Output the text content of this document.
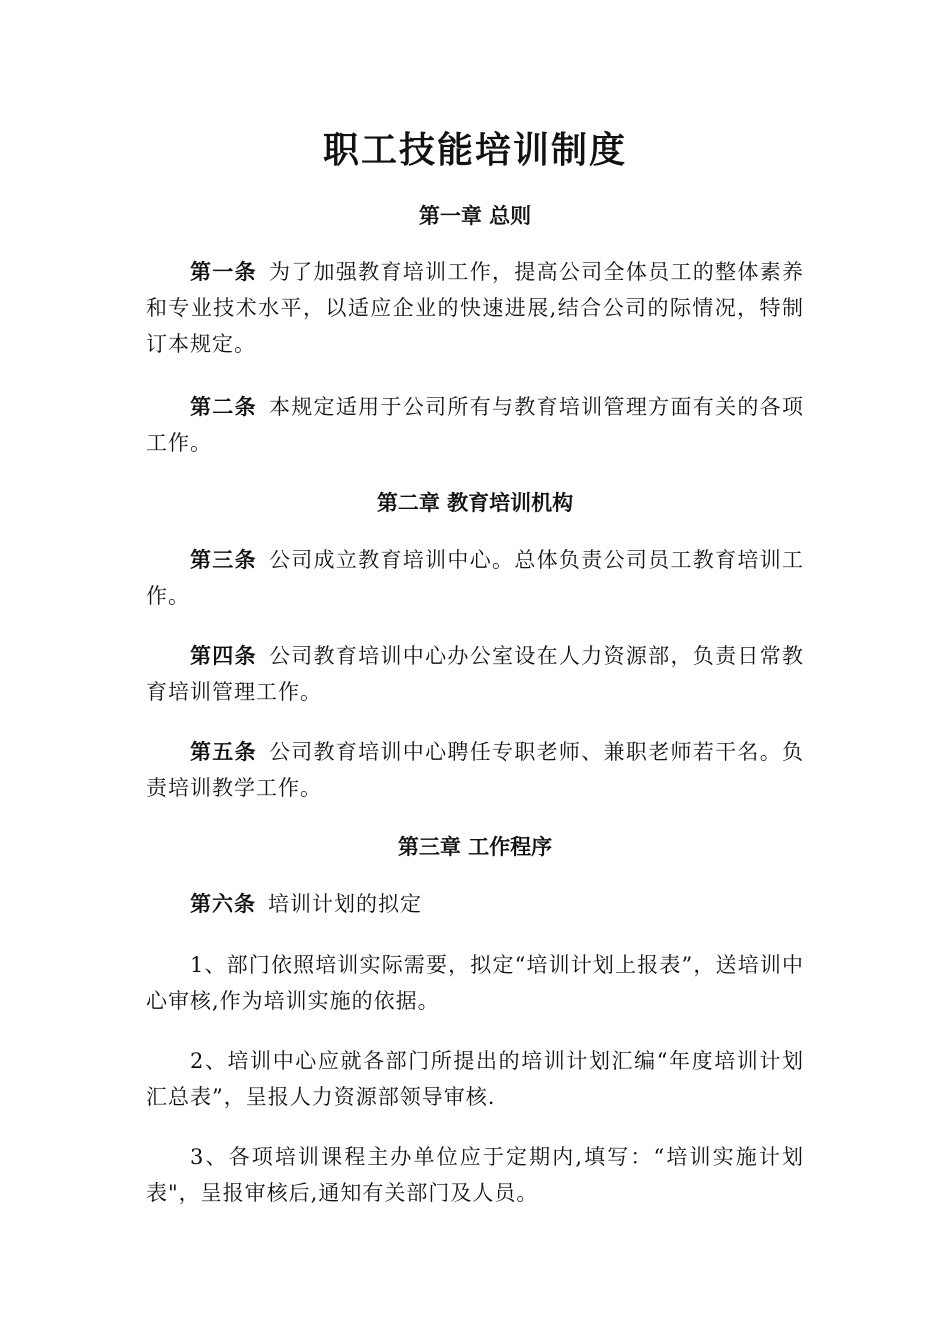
职工技能培训制度
第一章 总则
第一条 为了加强教育培训工作，提高公司全体员工的整体素养和专业技术水平，以适应企业的快速进展,结合公司的际情况，特制订本规定。
第二条 本规定适用于公司所有与教育培训管理方面有关的各项工作。
第二章 教育培训机构
第三条 公司成立教育培训中心。总体负责公司员工教育培训工作。
第四条 公司教育培训中心办公室设在人力资源部，负责日常教育培训管理工作。
第五条 公司教育培训中心聘任专职老师、兼职老师若干名。负责培训教学工作。
第三章 工作程序
第六条 培训计划的拟定
1、部门依照培训实际需要，拟定“培训计划上报表”，送培训中心审核,作为培训实施的依据。
2、培训中心应就各部门所提出的培训计划汇编“年度培训计划汇总表”，呈报人力资源部领导审核.
3、各项培训课程主办单位应于定期内,填写：“培训实施计划表"，呈报审核后,通知有关部门及人员。
